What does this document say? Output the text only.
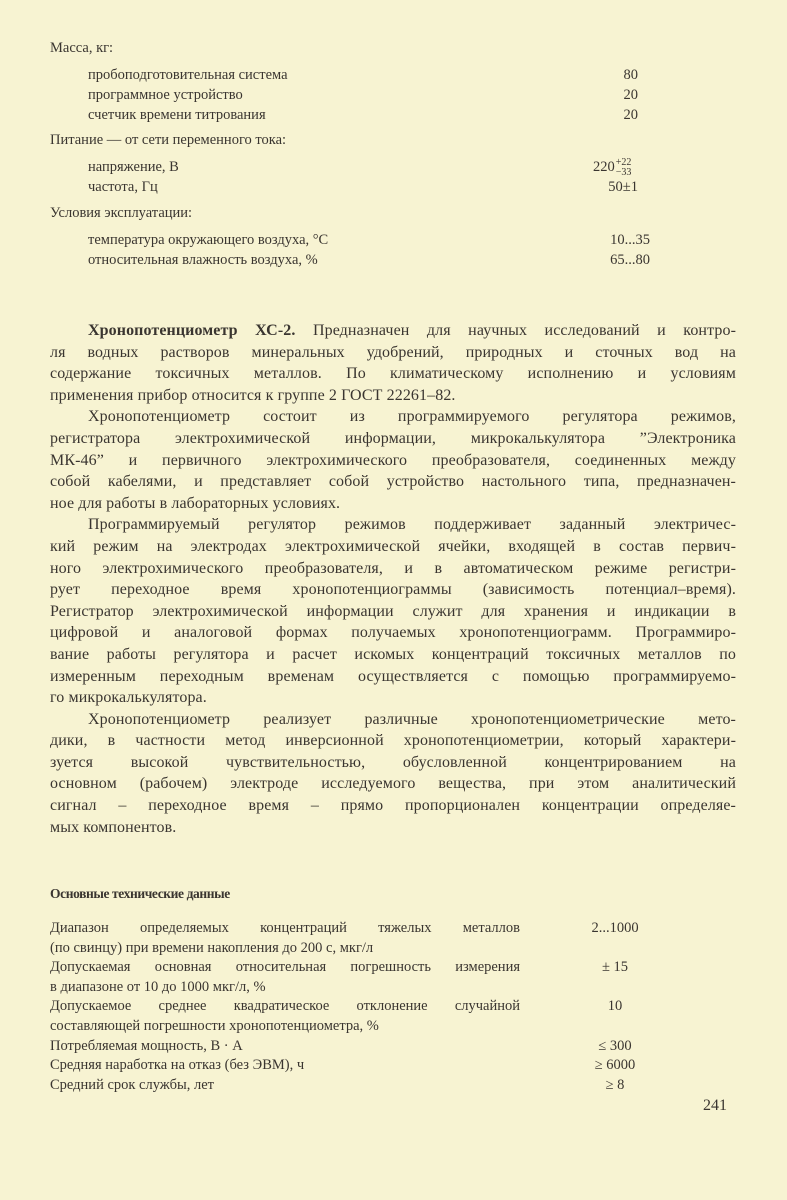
Масса, кг:
пробоподготовительная система	80
программное устройство	20
счетчик времени титрования	20
Питание — от сети переменного тока:
напряжение, В	220 +22
−33
частота, Гц	50±1
Условия эксплуатации:
температура окружающего воздуха, °С	10...35
относительная влажность воздуха, %	65...80
Хронопотенциометр ХС-2. Предназначен для научных исследований и контро-
ля водных растворов минеральных удобрений, природных и сточных вод на
содержание токсичных металлов. По климатическому исполнению и условиям
применения прибор относится к группе 2 ГОСТ 22261–82.
Хронопотенциометр состоит из программируемого регулятора режимов,
регистратора электрохимической информации, микрокалькулятора ”Электроника
МК-46” и первичного электрохимического преобразователя, соединенных между
собой кабелями, и представляет собой устройство настольного типа, предназначен-
ное для работы в лабораторных условиях.
Программируемый регулятор режимов поддерживает заданный электричес-
кий режим на электродах электрохимической ячейки, входящей в состав первич-
ного электрохимического преобразователя, и в автоматическом режиме регистри-
рует переходное время хронопотенциограммы (зависимость потенциал–время).
Регистратор электрохимической информации служит для хранения и индикации в
цифровой и аналоговой формах получаемых хронопотенциограмм. Программиро-
вание работы регулятора и расчет искомых концентраций токсичных металлов по
измеренным переходным временам осуществляется с помощью программируемо-
го микрокалькулятора.
Хронопотенциометр реализует различные хронопотенциометрические мето-
дики, в частности метод инверсионной хронопотенциометрии, который характери-
зуется высокой чувствительностью, обусловленной концентрированием на
основном (рабочем) электроде исследуемого вещества, при этом аналитический
сигнал – переходное время – прямо пропорционален концентрации определяе-
мых компонентов.
Основные технические данные
Диапазон определяемых концентраций тяжелых металлов
(по свинцу) при времени накопления до 200 с, мкг/л
2...1000
Допускаемая основная относительная погрешность измерения
в диапазоне от 10 до 1000 мкг/л, %
± 15
Допускаемое среднее квадратическое отклонение случайной
составляющей погрешности хронопотенциометра, %
10
Потребляемая мощность, В · А	≤ 300
Средняя наработка на отказ (без ЭВМ), ч	≥ 6000
Средний срок службы, лет	≥ 8
241
